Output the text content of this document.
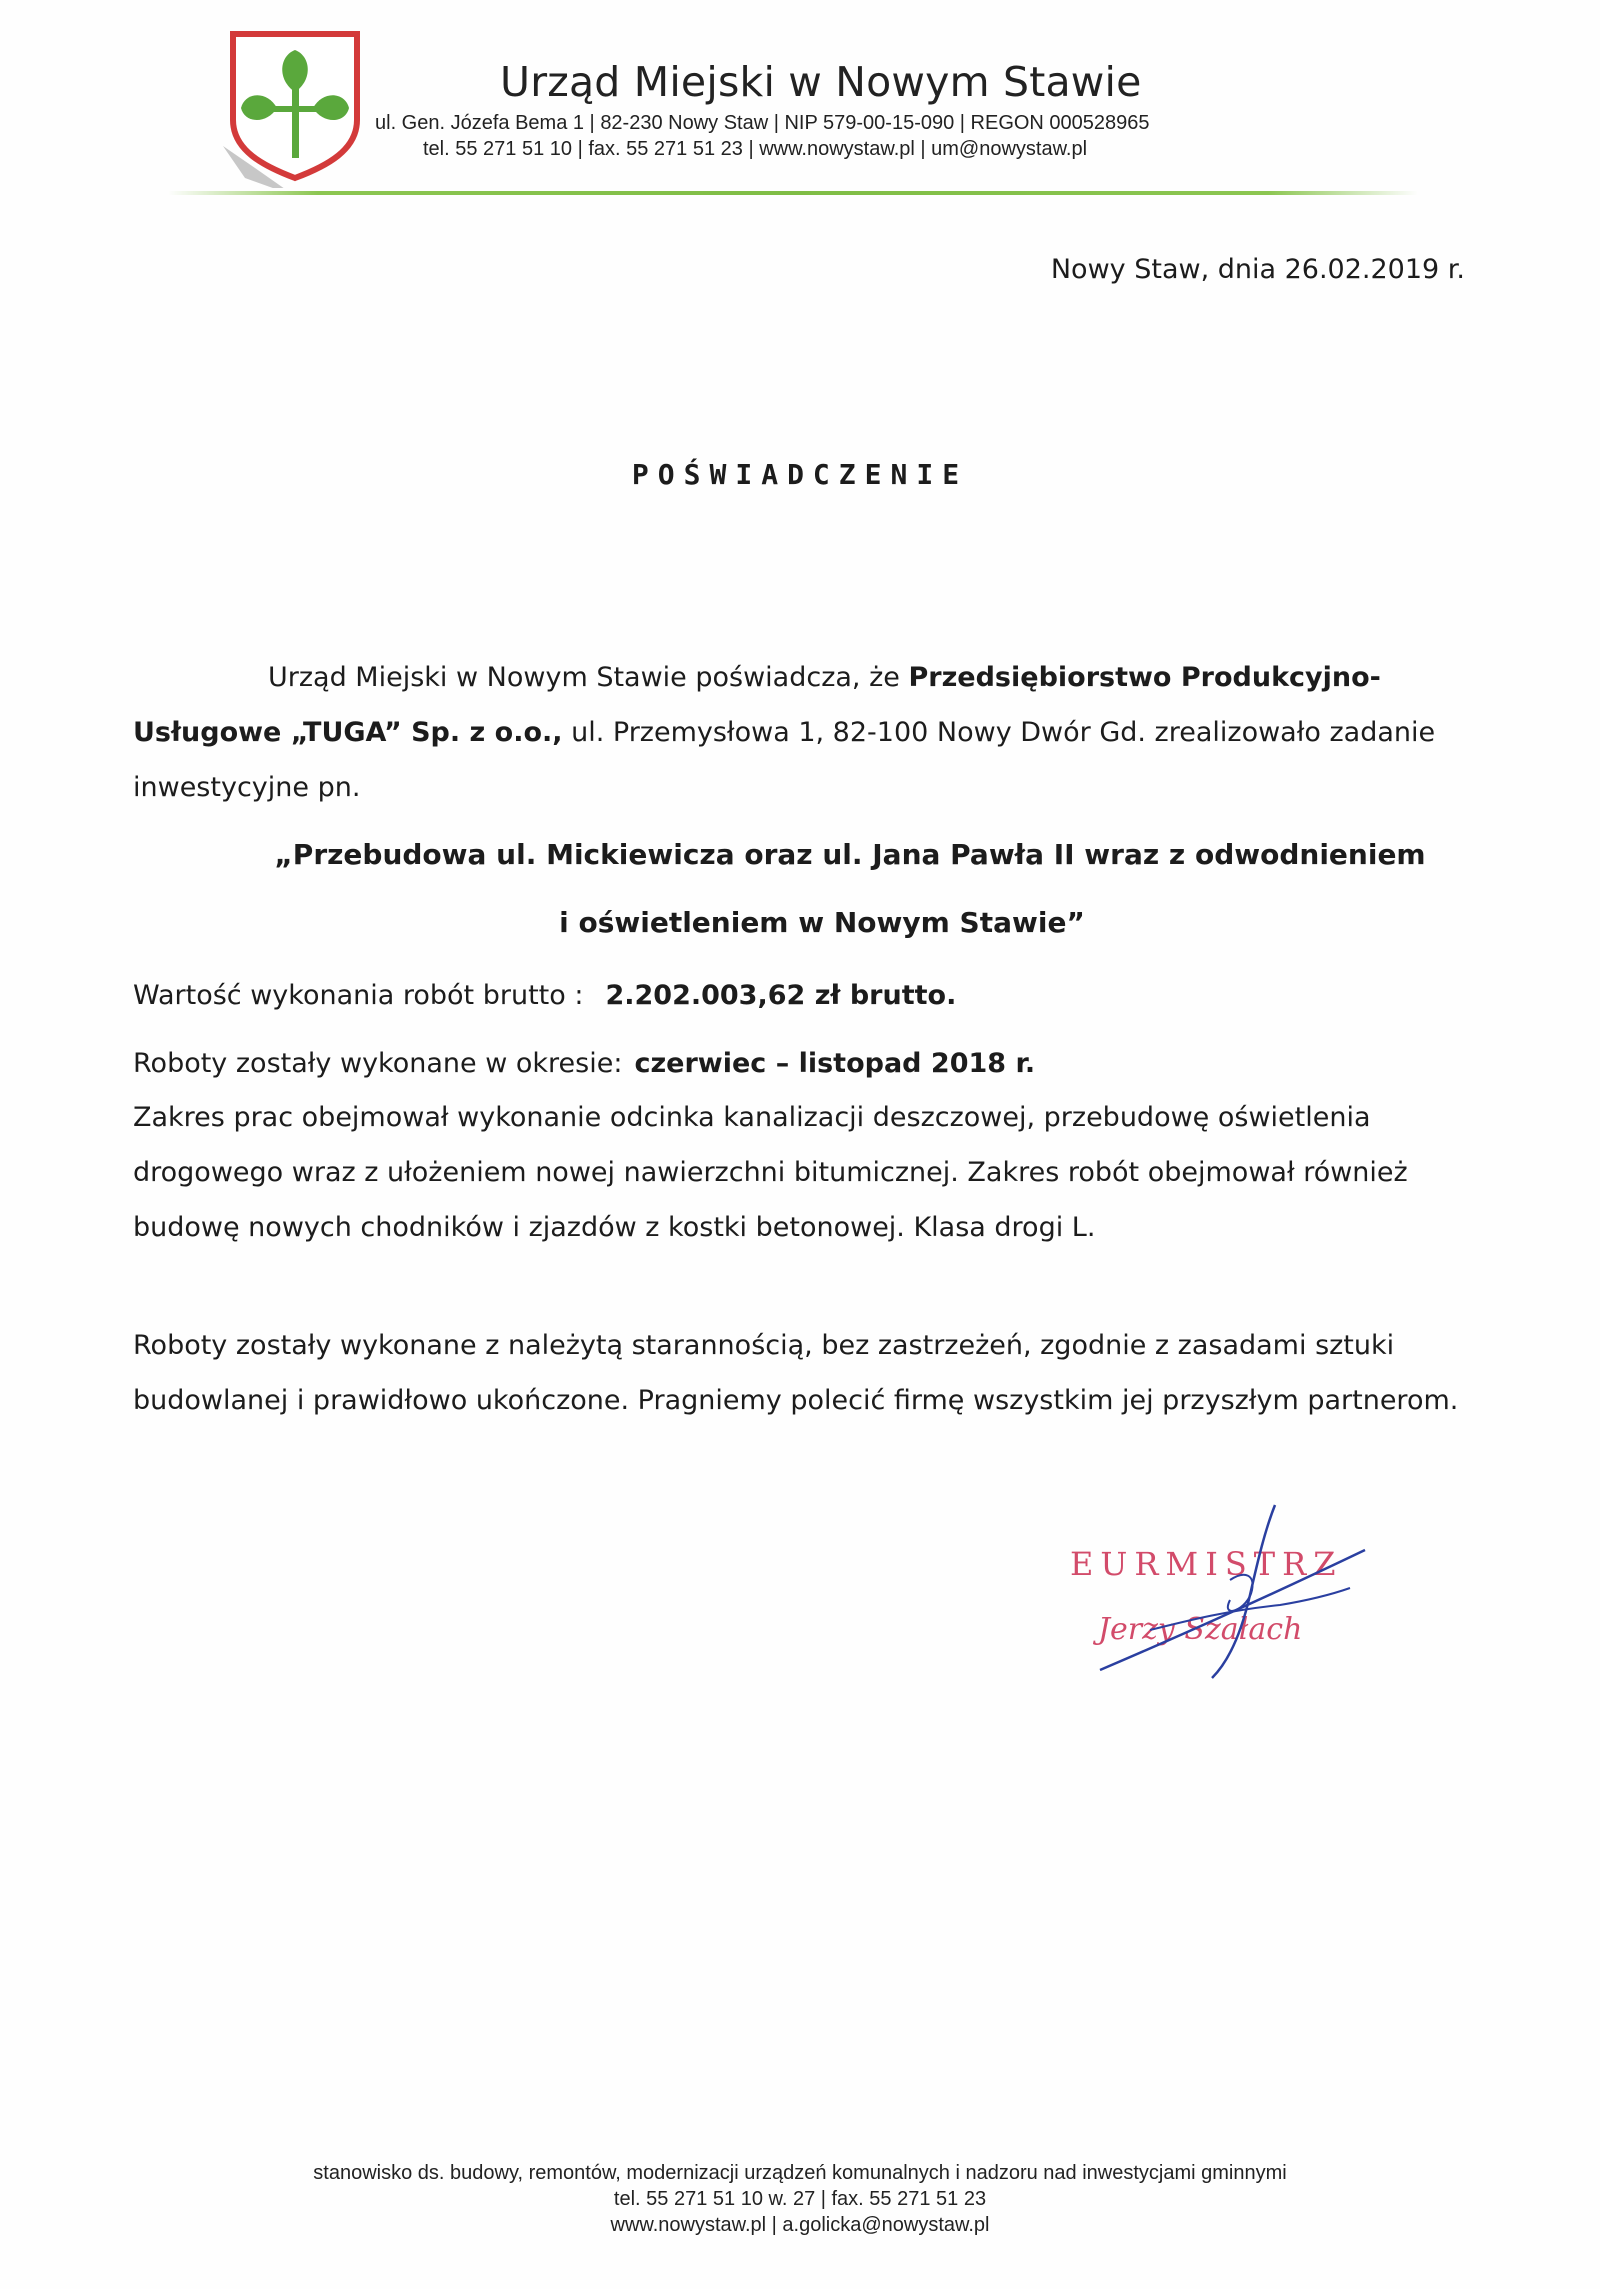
Urząd Miejski w Nowym Stawie
ul. Gen. Józefa Bema 1 | 82-230 Nowy Staw | NIP 579-00-15-090 | REGON 000528965
tel. 55 271 51 10 | fax. 55 271 51 23 | www.nowystaw.pl | um@nowystaw.pl
Nowy Staw, dnia 26.02.2019 r.
POŚWIADCZENIE
Urząd Miejski w Nowym Stawie poświadcza, że Przedsiębiorstwo Produkcyjno-
Usługowe „TUGA” Sp. z o.o., ul. Przemysłowa 1, 82-100 Nowy Dwór Gd. zrealizowało zadanie
inwestycyjne pn.
„Przebudowa ul. Mickiewicza oraz ul. Jana Pawła II wraz z odwodnieniem
i oświetleniem w Nowym Stawie”
Wartość wykonania robót brutto : 2.202.003,62 zł brutto.
Roboty zostały wykonane w okresie: czerwiec – listopad 2018 r.
Zakres prac obejmował wykonanie odcinka kanalizacji deszczowej, przebudowę oświetlenia
drogowego wraz z ułożeniem nowej nawierzchni bitumicznej. Zakres robót obejmował również
budowę nowych chodników i zjazdów z kostki betonowej. Klasa drogi L.
Roboty zostały wykonane z należytą starannością, bez zastrzeżeń, zgodnie z zasadami sztuki
budowlanej i prawidłowo ukończone. Pragniemy polecić firmę wszystkim jej przyszłym partnerom.
EURMISTRZ
Jerzy Szałach
stanowisko ds. budowy, remontów, modernizacji urządzeń komunalnych i nadzoru nad inwestycjami gminnymi
tel. 55 271 51 10 w. 27 | fax. 55 271 51 23
www.nowystaw.pl | a.golicka@nowystaw.pl
